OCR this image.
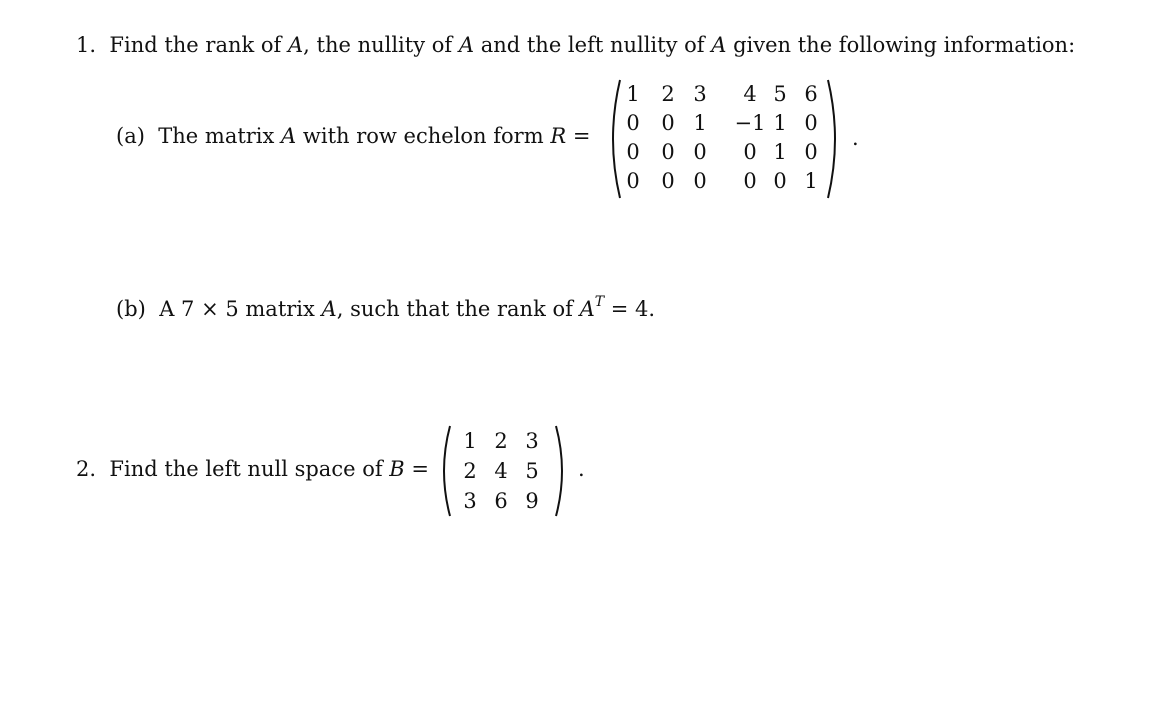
1. Find the rank of A, the nullity of A and the left nullity of A given the following information:
(a) The matrix A with row echelon form R =
1 2 3	4 5 6
0 0 1 −1 1 0
0 0 0	0 1 0
0 0 0	0 0 1
.
(b) A 7 × 5 matrix A, such that the rank of $A^T = 4$.
2. Find the left null space of B =
1 2 3
2 4 5
3 6 9
.
